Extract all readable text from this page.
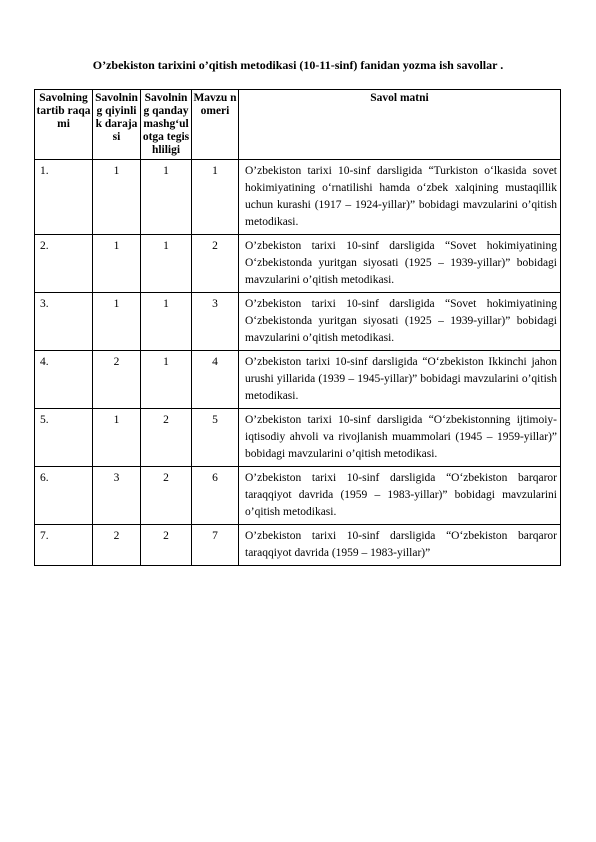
O’zbekiston tarixini o’qitish metodikasi (10-11-sinf) fanidan yozma ish savollar .
Savolning tartib raqami	Savolning qiyinlik darajasi	Savolning qandaymashg‘ulotga tegishliligi	Mavzu nomeri	Savol matni
1.	1	1	1	O’zbekiston tarixi 10-sinf darsligida “Turkiston o‘lkasida sovet hokimiyatining o‘rnatilishi hamda o‘zbek xalqining mustaqillik uchun kurashi (1917 – 1924-yillar)” bobidagi mavzularini o’qitish metodikasi.
2.	1	1	2	O’zbekiston tarixi 10-sinf darsligida “Sovet hokimiyatining O‘zbekistonda yuritgan siyosati (1925 – 1939-yillar)” bobidagi mavzularini o’qitish metodikasi.
3.	1	1	3	O’zbekiston tarixi 10-sinf darsligida “Sovet hokimiyatining O‘zbekistonda yuritgan siyosati (1925 – 1939-yillar)” bobidagi mavzularini o’qitish metodikasi.
4.	2	1	4	O’zbekiston tarixi 10-sinf darsligida “O‘zbekiston Ikkinchi jahon urushi yillarida (1939 – 1945-yillar)” bobidagi mavzularini o’qitish metodikasi.
5.	1	2	5	O’zbekiston tarixi 10-sinf darsligida “O‘zbekistonning ijtimoiy-iqtisodiy ahvoli va rivojlanish muammolari (1945 – 1959-yillar)” bobidagi mavzularini o’qitish metodikasi.
6.	3	2	6	O’zbekiston tarixi 10-sinf darsligida “O‘zbekiston barqaror taraqqiyot davrida (1959 – 1983-yillar)” bobidagi mavzularini o’qitish metodikasi.
7.	2	2	7	O’zbekiston tarixi 10-sinf darsligida “O‘zbekiston barqaror taraqqiyot davrida (1959 – 1983-yillar)”
